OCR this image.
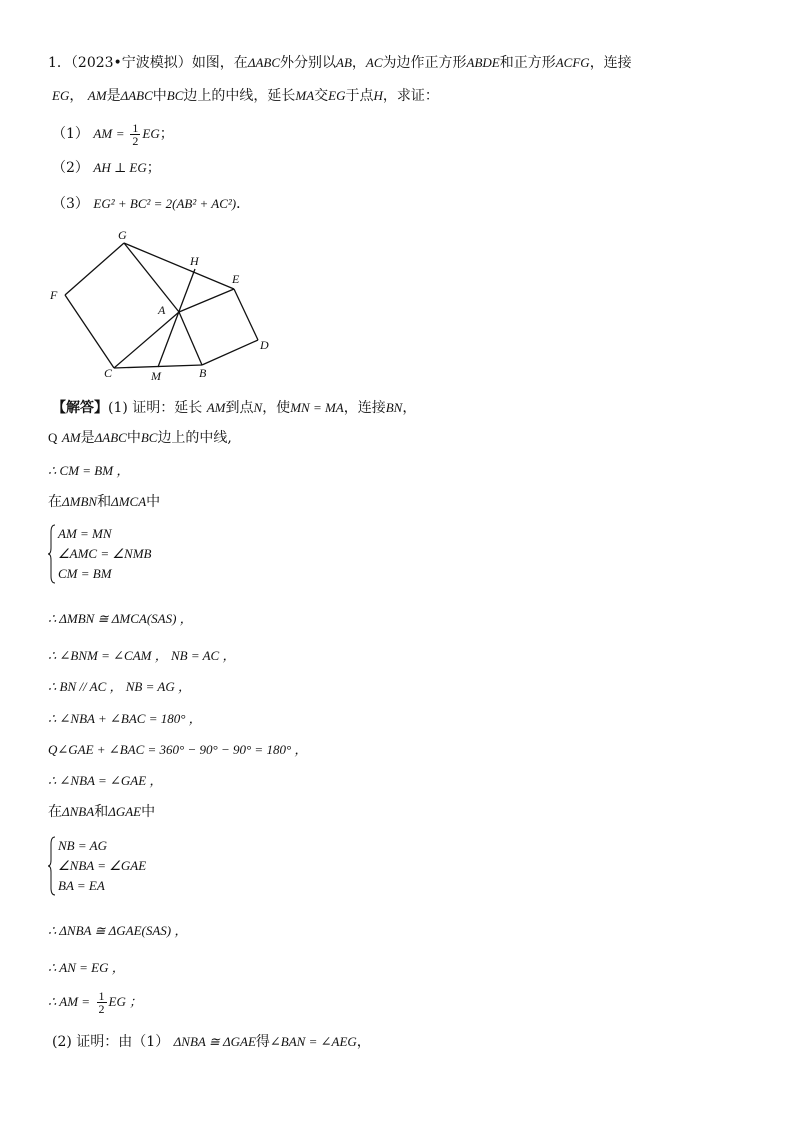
1．（2023•宁波模拟）如图，在ΔABC外分别以AB，AC为边作正方形ABDE和正方形ACFG，连接
EG， AM是ΔABC中BC边上的中线，延长MA交EG于点H，求证：
（1） AM = $\frac{1}{2}$ EG；
（2） AH ⊥ EG；
（3） EG² + BC² = 2(AB² + AC²)．
G
H
E
F
A
D
C	M	B
【解答】(1) 证明：延长 AM到点N，使MN = MA，连接BN，
Q AM是ΔABC中BC边上的中线,
∴ CM = BM ，
在ΔMBN和ΔMCA中
AM = MN
∠AMC = ∠NMB
CM = BM
∴ ΔMBN ≅ ΔMCA(SAS) ，
∴ ∠BNM = ∠CAM ， NB = AC ，
∴ BN // AC ， NB = AG ，
∴ ∠NBA + ∠BAC = 180° ，
Q∠GAE + ∠BAC = 360° − 90° − 90° = 180° ，
∴ ∠NBA = ∠GAE ，
在ΔNBA和ΔGAE中
NB = AG
∠NBA = ∠GAE
BA = EA
∴ ΔNBA ≅ ΔGAE(SAS) ，
∴ AN = EG ，
∴ AM = $\frac{1}{2}$ EG ；
(2) 证明：由（1） ΔNBA ≅ ΔGAE得∠BAN = ∠AEG，
